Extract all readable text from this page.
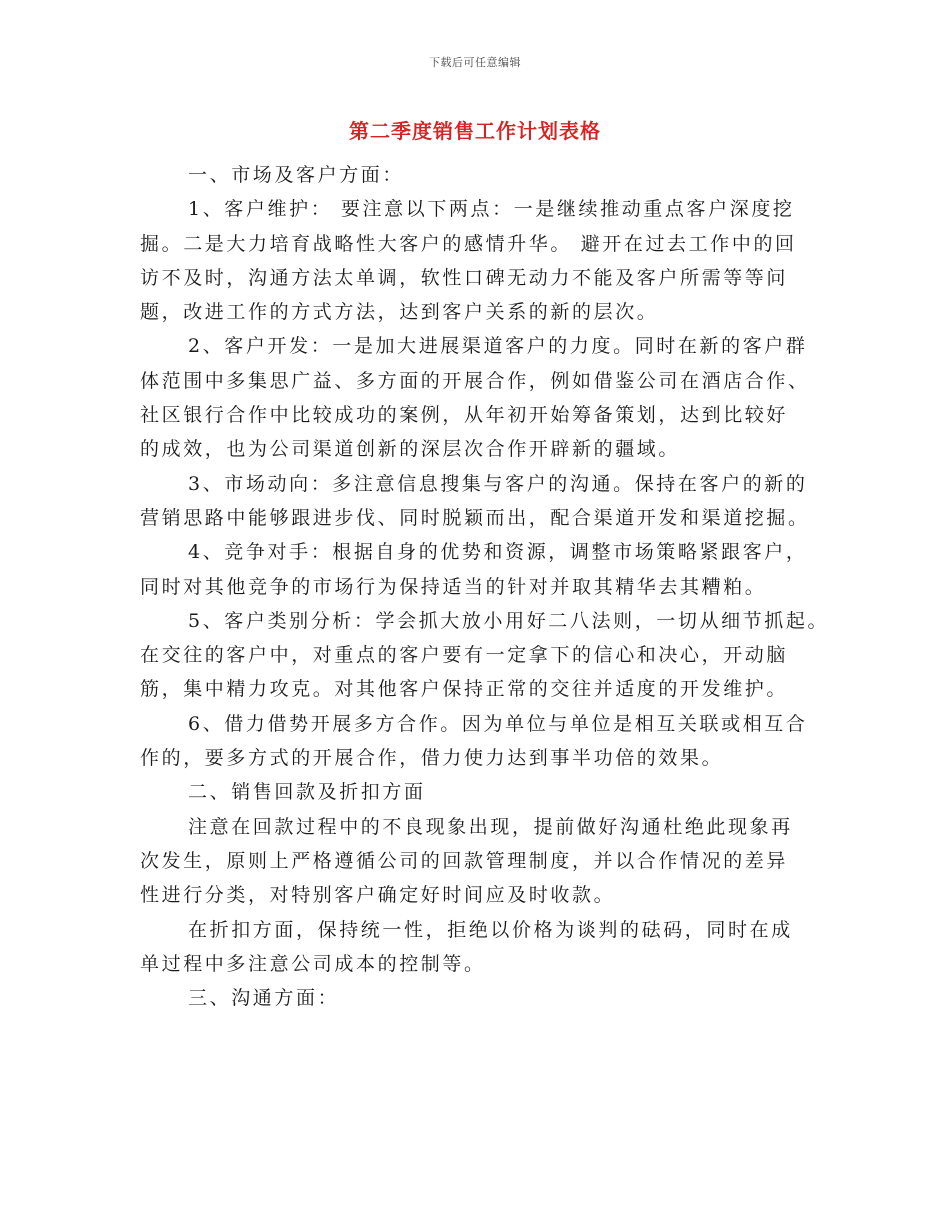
下载后可任意编辑
第二季度销售工作计划表格
一、市场及客户方面：
1、客户维护： 要注意以下两点：一是继续推动重点客户深度挖
掘。二是大力培育战略性大客户的感情升华。 避开在过去工作中的回
访不及时，沟通方法太单调，软性口碑无动力不能及客户所需等等问
题，改进工作的方式方法，达到客户关系的新的层次。
2、客户开发：一是加大进展渠道客户的力度。同时在新的客户群
体范围中多集思广益、多方面的开展合作，例如借鉴公司在酒店合作、
社区银行合作中比较成功的案例，从年初开始筹备策划，达到比较好
的成效，也为公司渠道创新的深层次合作开辟新的疆域。
3、市场动向：多注意信息搜集与客户的沟通。保持在客户的新的
营销思路中能够跟进步伐、同时脱颖而出，配合渠道开发和渠道挖掘。
4、竞争对手：根据自身的优势和资源，调整市场策略紧跟客户，
同时对其他竞争的市场行为保持适当的针对并取其精华去其糟粕。
5、客户类别分析：学会抓大放小用好二八法则，一切从细节抓起。
在交往的客户中，对重点的客户要有一定拿下的信心和决心，开动脑
筋，集中精力攻克。对其他客户保持正常的交往并适度的开发维护。
6、借力借势开展多方合作。因为单位与单位是相互关联或相互合
作的，要多方式的开展合作，借力使力达到事半功倍的效果。
二、销售回款及折扣方面
注意在回款过程中的不良现象出现，提前做好沟通杜绝此现象再
次发生，原则上严格遵循公司的回款管理制度，并以合作情况的差异
性进行分类，对特别客户确定好时间应及时收款。
在折扣方面，保持统一性，拒绝以价格为谈判的砝码，同时在成
单过程中多注意公司成本的控制等。
三、沟通方面：
